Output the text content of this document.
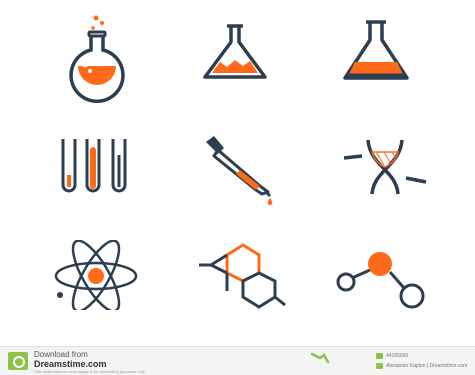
Download from
Dreamstime.com
This watermarked comp image is for previewing purposes only.
44185660
Alexander Kaplun | Dreamstime.com
